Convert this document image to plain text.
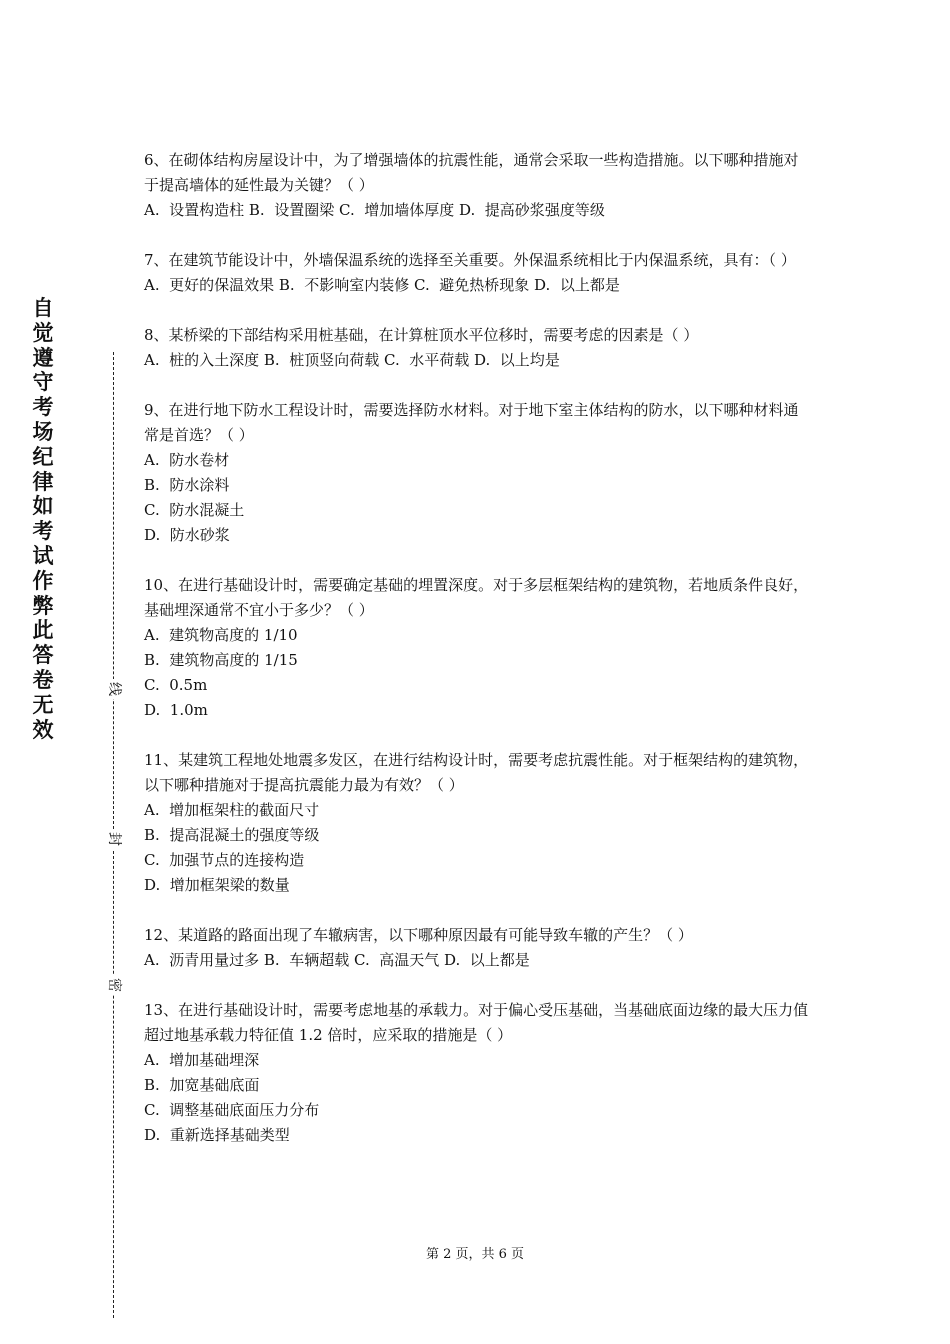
自觉遵守考场纪律如考试作弊此答卷无效
线
封
密

6、在砌体结构房屋设计中，为了增强墙体的抗震性能，通常会采取一些构造措施。以下哪种措施对于提高墙体的延性最为关键？（ ）

A.  设置构造柱 B.  设置圈梁 C.  增加墙体厚度 D.  提高砂浆强度等级

7、在建筑节能设计中，外墙保温系统的选择至关重要。外保温系统相比于内保温系统，具有：（ ）

A.  更好的保温效果 B.  不影响室内装修 C.  避免热桥现象 D.  以上都是

8、某桥梁的下部结构采用桩基础，在计算桩顶水平位移时，需要考虑的因素是（ ）

A.  桩的入土深度 B.  桩顶竖向荷载 C.  水平荷载 D.  以上均是

9、在进行地下防水工程设计时，需要选择防水材料。对于地下室主体结构的防水，以下哪种材料通常是首选？（ ）

A.  防水卷材

B.  防水涂料

C.  防水混凝土

D.  防水砂浆

10、在进行基础设计时，需要确定基础的埋置深度。对于多层框架结构的建筑物，若地质条件良好，基础埋深通常不宜小于多少？（ ）

A.  建筑物高度的 1/10

B.  建筑物高度的 1/15

C.  0.5m

D.  1.0m

11、某建筑工程地处地震多发区，在进行结构设计时，需要考虑抗震性能。对于框架结构的建筑物，以下哪种措施对于提高抗震能力最为有效？（ ）

A.  增加框架柱的截面尺寸

B.  提高混凝土的强度等级

C.  加强节点的连接构造

D.  增加框架梁的数量

12、某道路的路面出现了车辙病害，以下哪种原因最有可能导致车辙的产生？（ ）

A.  沥青用量过多 B.  车辆超载 C.  高温天气 D.  以上都是

13、在进行基础设计时，需要考虑地基的承载力。对于偏心受压基础，当基础底面边缘的最大压力值超过地基承载力特征值 1.2 倍时，应采取的措施是（ ）

A.  增加基础埋深

B.  加宽基础底面

C.  调整基础底面压力分布

D.  重新选择基础类型

第 2 页，共 6 页
